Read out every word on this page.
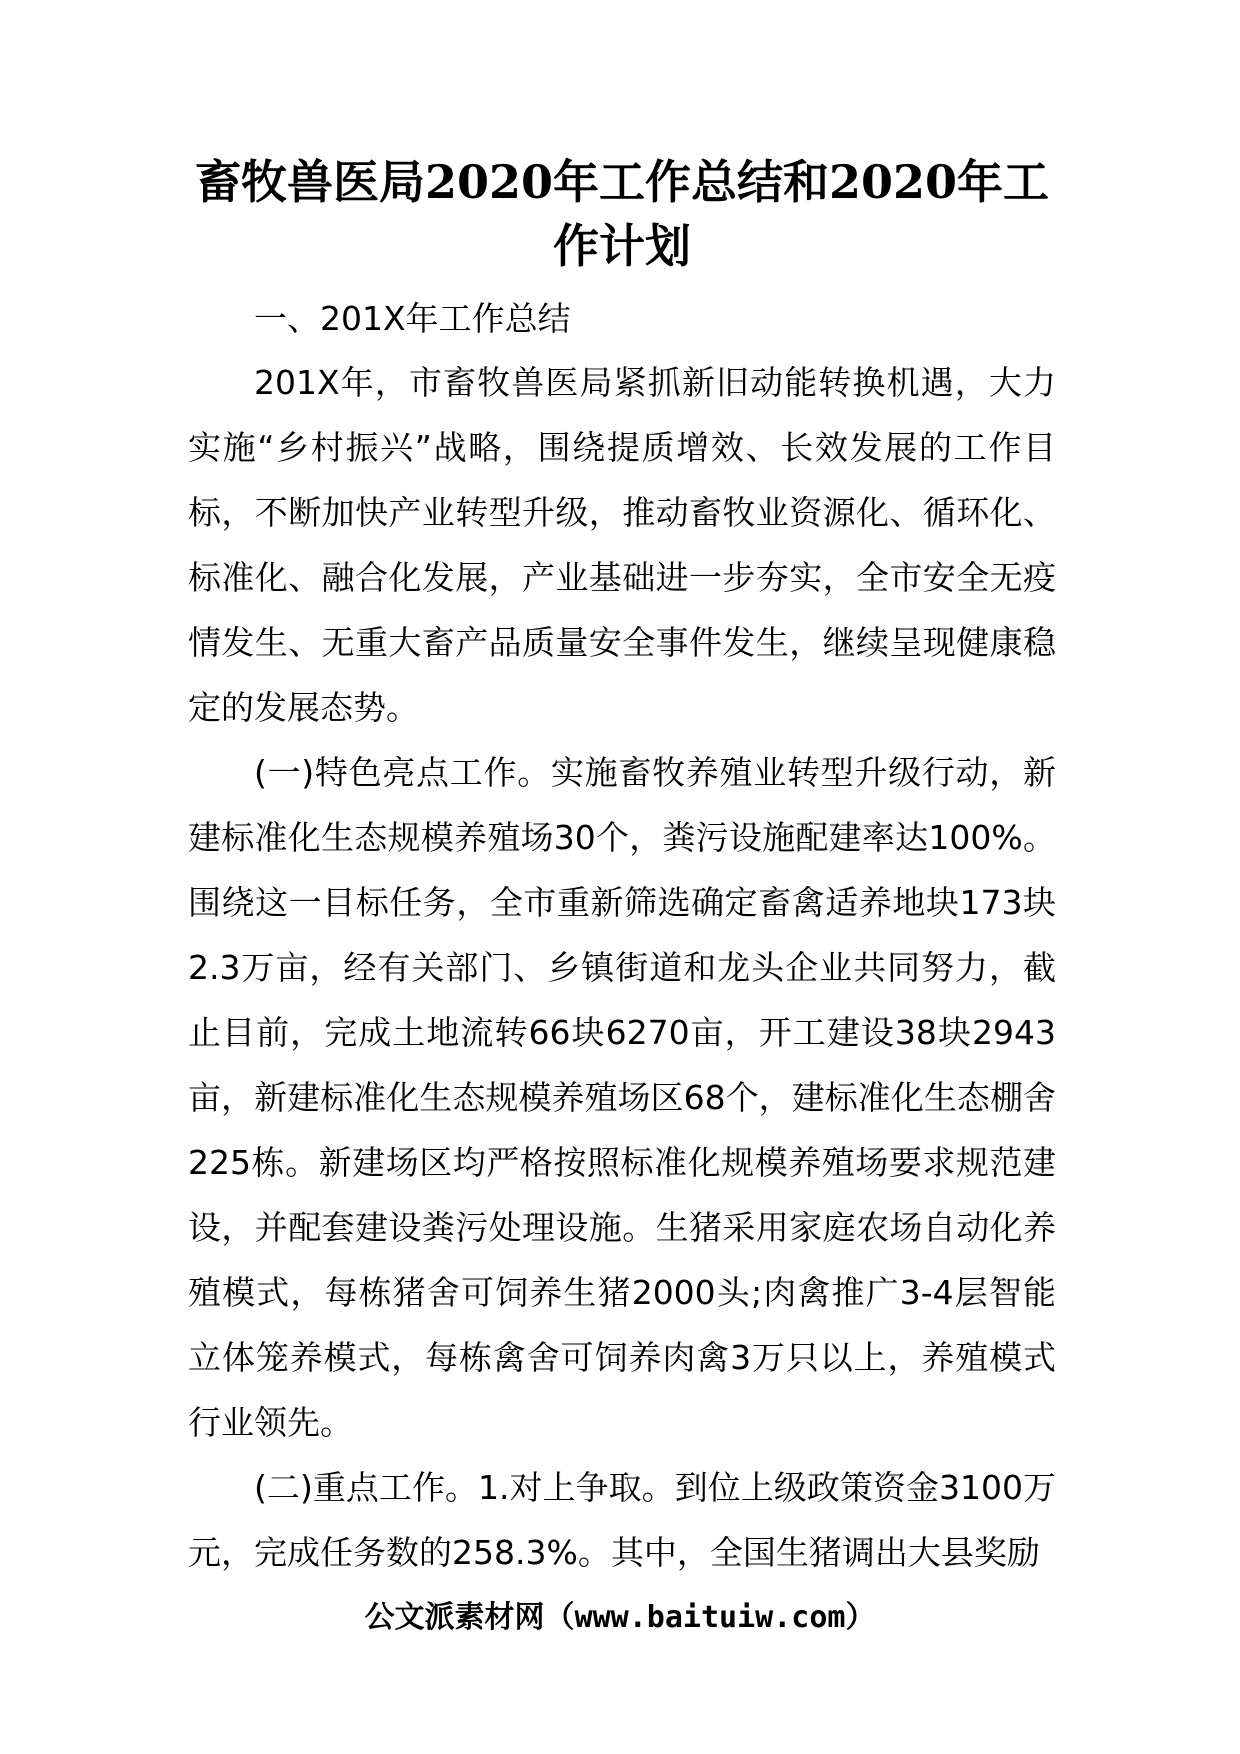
畜牧兽医局2020年工作总结和2020年工作计划

一、201X年工作总结

201X年，市畜牧兽医局紧抓新旧动能转换机遇，大力实施“乡村振兴”战略，围绕提质增效、长效发展的工作目标，不断加快产业转型升级，推动畜牧业资源化、循环化、标准化、融合化发展，产业基础进一步夯实，全市安全无疫情发生、无重大畜产品质量安全事件发生，继续呈现健康稳定的发展态势。

(一)特色亮点工作。实施畜牧养殖业转型升级行动，新建标准化生态规模养殖场30个，粪污设施配建率达100%。围绕这一目标任务，全市重新筛选确定畜禽适养地块173块2.3万亩，经有关部门、乡镇街道和龙头企业共同努力，截止目前，完成土地流转66块6270亩，开工建设38块2943亩，新建标准化生态规模养殖场区68个，建标准化生态棚舍225栋。新建场区均严格按照标准化规模养殖场要求规范建设，并配套建设粪污处理设施。生猪采用家庭农场自动化养殖模式，每栋猪舍可饲养生猪2000头;肉禽推广3-4层智能立体笼养模式，每栋禽舍可饲养肉禽3万只以上，养殖模式行业领先。

(二)重点工作。1.对上争取。到位上级政策资金3100万元，完成任务数的258.3%。其中，全国生猪调出大县奖励

公文派素材网（www.baituiw.com）
